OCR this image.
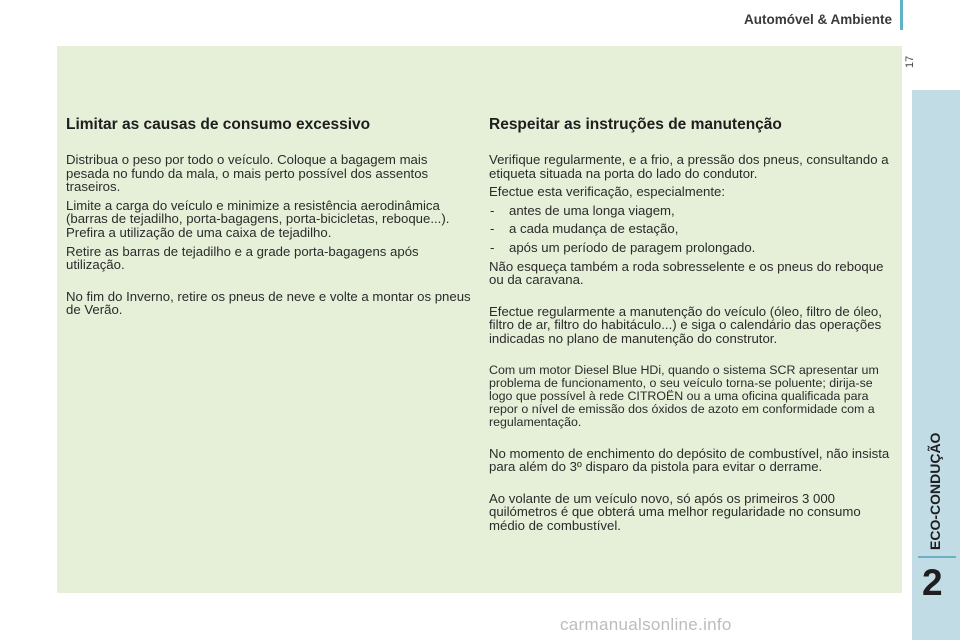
Automóvel & Ambiente
17
Limitar as causas de consumo excessivo

Distribua o peso por todo o veículo. Coloque a bagagem mais pesada no fundo da mala, o mais perto possível dos assentos traseiros.

Limite a carga do veículo e minimize a resistência aerodinâmica (barras de tejadilho, porta-bagagens, porta-bicicletas, reboque...). Prefira a utilização de uma caixa de tejadilho.

Retire as barras de tejadilho e a grade porta-bagagens após utilização.

No fim do Inverno, retire os pneus de neve e volte a montar os pneus de Verão.

Respeitar as instruções de manutenção

Verifique regularmente, e a frio, a pressão dos pneus, consultando a etiqueta situada na porta do lado do condutor.

Efectue esta verificação, especialmente:

- antes de uma longa viagem,
- a cada mudança de estação,
- após um período de paragem prolongado.

Não esqueça também a roda sobresselente e os pneus do reboque ou da caravana.

Efectue regularmente a manutenção do veículo (óleo, filtro de óleo, filtro de ar, filtro do habitáculo...) e siga o calendário das operações indicadas no plano de manutenção do construtor.

Com um motor Diesel Blue HDi, quando o sistema SCR apresentar um problema de funcionamento, o seu veículo torna-se poluente; dirija-se logo que possível à rede CITROËN ou a uma oficina qualificada para repor o nível de emissão dos óxidos de azoto em conformidade com a regulamentação.

No momento de enchimento do depósito de combustível, não insista para além do 3º disparo da pistola para evitar o derrame.

Ao volante de um veículo novo, só após os primeiros 3 000 quilómetros é que obterá uma melhor regularidade no consumo médio de combustível.	ECO-CONDUÇÃO
2
carmanualsonline.info
